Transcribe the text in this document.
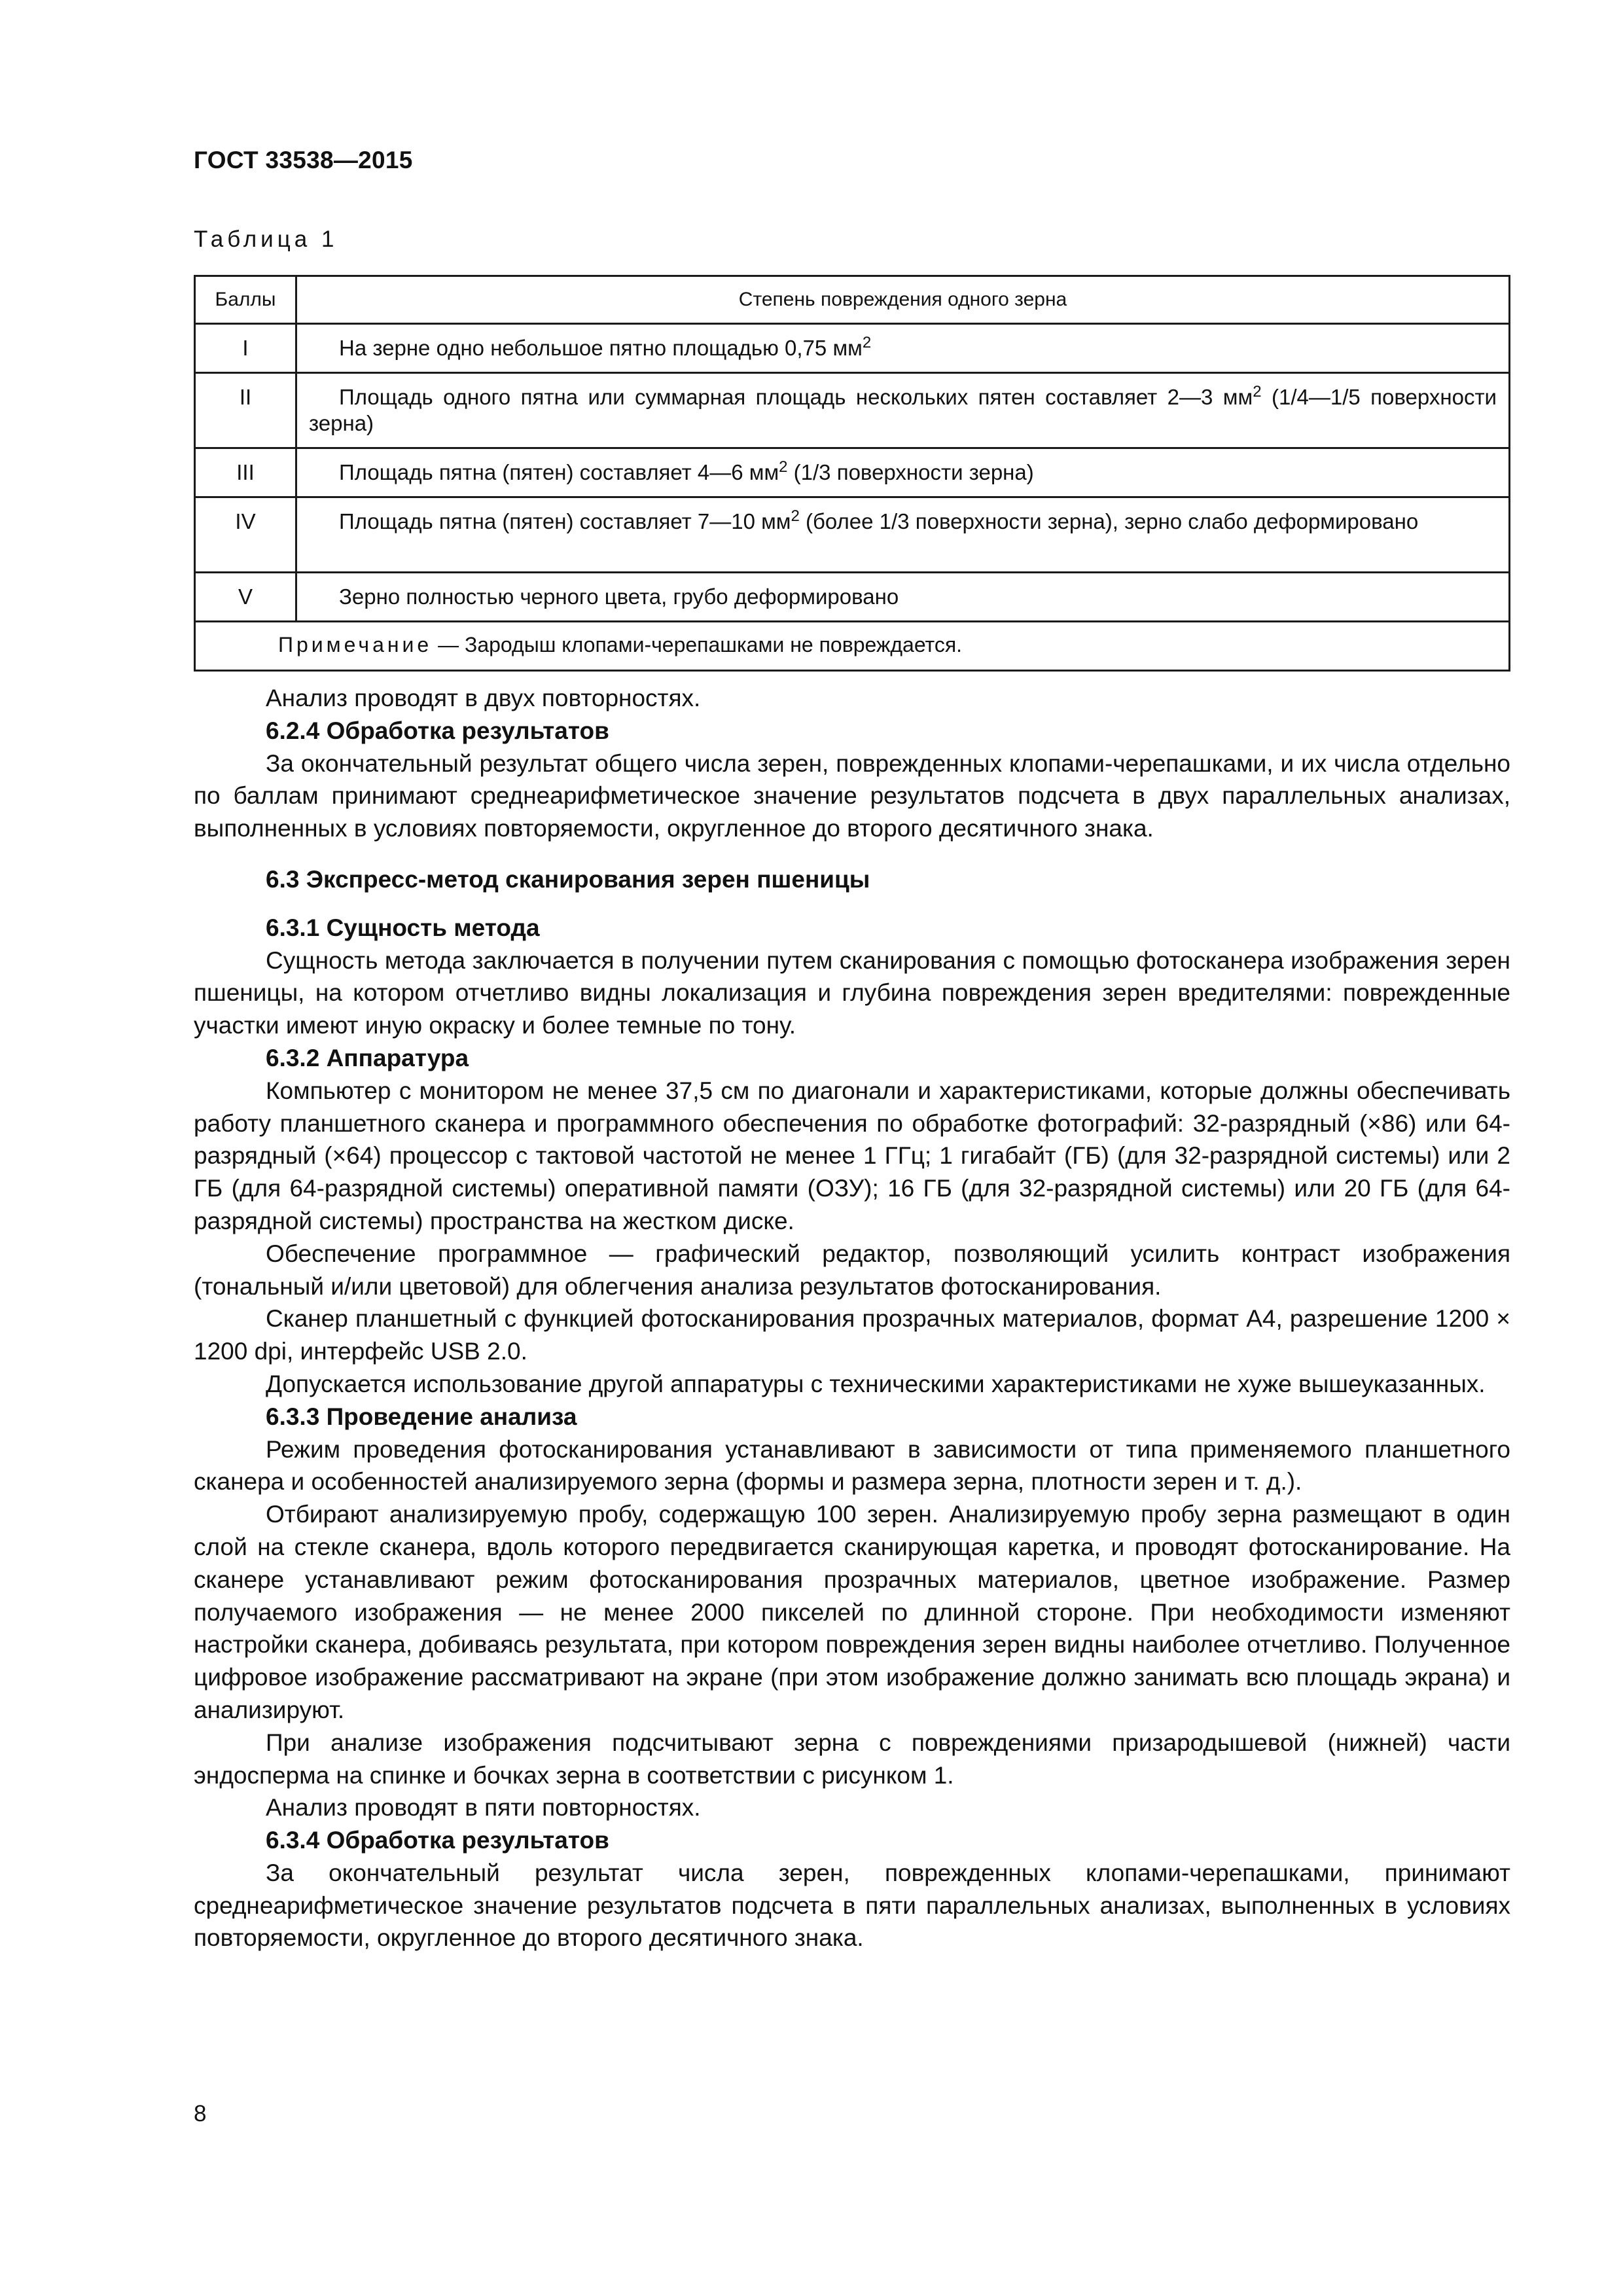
ГОСТ 33538—2015
Таблица 1
Баллы	Степень повреждения одного зерна
I	На зерне одно небольшое пятно площадью 0,75 $мм^2$
II	Площадь одного пятна или суммарная площадь нескольких пятен составляет 2—3 $мм^2$ (1/4—1/5 поверхности зерна)
III	Площадь пятна (пятен) составляет 4—6 $мм^2$ (1/3 поверхности зерна)
IV	Площадь пятна (пятен) составляет 7—10 $мм^2$ (более 1/3 поверхности зерна), зерно слабо деформировано
V	Зерно полностью черного цвета, грубо деформировано
Примечание — Зародыш клопами-черепашками не повреждается.	

Анализ проводят в двух повторностях.

6.2.4 Обработка результатов

За окончательный результат общего числа зерен, поврежденных клопами-черепашками, и их числа отдельно по баллам принимают среднеарифметическое значение результатов подсчета в двух параллельных анализах, выполненных в условиях повторяемости, округленное до второго десятичного знака.

6.3 Экспресс-метод сканирования зерен пшеницы
6.3.1 Сущность метода

Сущность метода заключается в получении путем сканирования с помощью фотосканера изображения зерен пшеницы, на котором отчетливо видны локализация и глубина повреждения зерен вредителями: поврежденные участки имеют иную окраску и более темные по тону.

6.3.2 Аппаратура

Компьютер с монитором не менее 37,5 см по диагонали и характеристиками, которые должны обеспечивать работу планшетного сканера и программного обеспечения по обработке фотографий: 32-разрядный (×86) или 64-разрядный (×64) процессор с тактовой частотой не менее 1 ГГц; 1 гигабайт (ГБ) (для 32-разрядной системы) или 2 ГБ (для 64-разрядной системы) оперативной памяти (ОЗУ); 16 ГБ (для 32-разрядной системы) или 20 ГБ (для 64-разрядной системы) пространства на жестком диске.

Обеспечение программное — графический редактор, позволяющий усилить контраст изображения (тональный и/или цветовой) для облегчения анализа результатов фотосканирования.

Сканер планшетный с функцией фотосканирования прозрачных материалов, формат А4, разрешение 1200 × 1200 dpi, интерфейс USB 2.0.

Допускается использование другой аппаратуры с техническими характеристиками не хуже вышеуказанных.

6.3.3 Проведение анализа

Режим проведения фотосканирования устанавливают в зависимости от типа применяемого планшетного сканера и особенностей анализируемого зерна (формы и размера зерна, плотности зерен и т. д.).

Отбирают анализируемую пробу, содержащую 100 зерен. Анализируемую пробу зерна размещают в один слой на стекле сканера, вдоль которого передвигается сканирующая каретка, и проводят фотосканирование. На сканере устанавливают режим фотосканирования прозрачных материалов, цветное изображение. Размер получаемого изображения — не менее 2000 пикселей по длинной стороне. При необходимости изменяют настройки сканера, добиваясь результата, при котором повреждения зерен видны наиболее отчетливо. Полученное цифровое изображение рассматривают на экране (при этом изображение должно занимать всю площадь экрана) и анализируют.

При анализе изображения подсчитывают зерна с повреждениями призародышевой (нижней) части эндосперма на спинке и бочках зерна в соответствии с рисунком 1.

Анализ проводят в пяти повторностях.

6.3.4 Обработка результатов

За окончательный результат числа зерен, поврежденных клопами-черепашками, принимают среднеарифметическое значение результатов подсчета в пяти параллельных анализах, выполненных в условиях повторяемости, округленное до второго десятичного знака.

8
